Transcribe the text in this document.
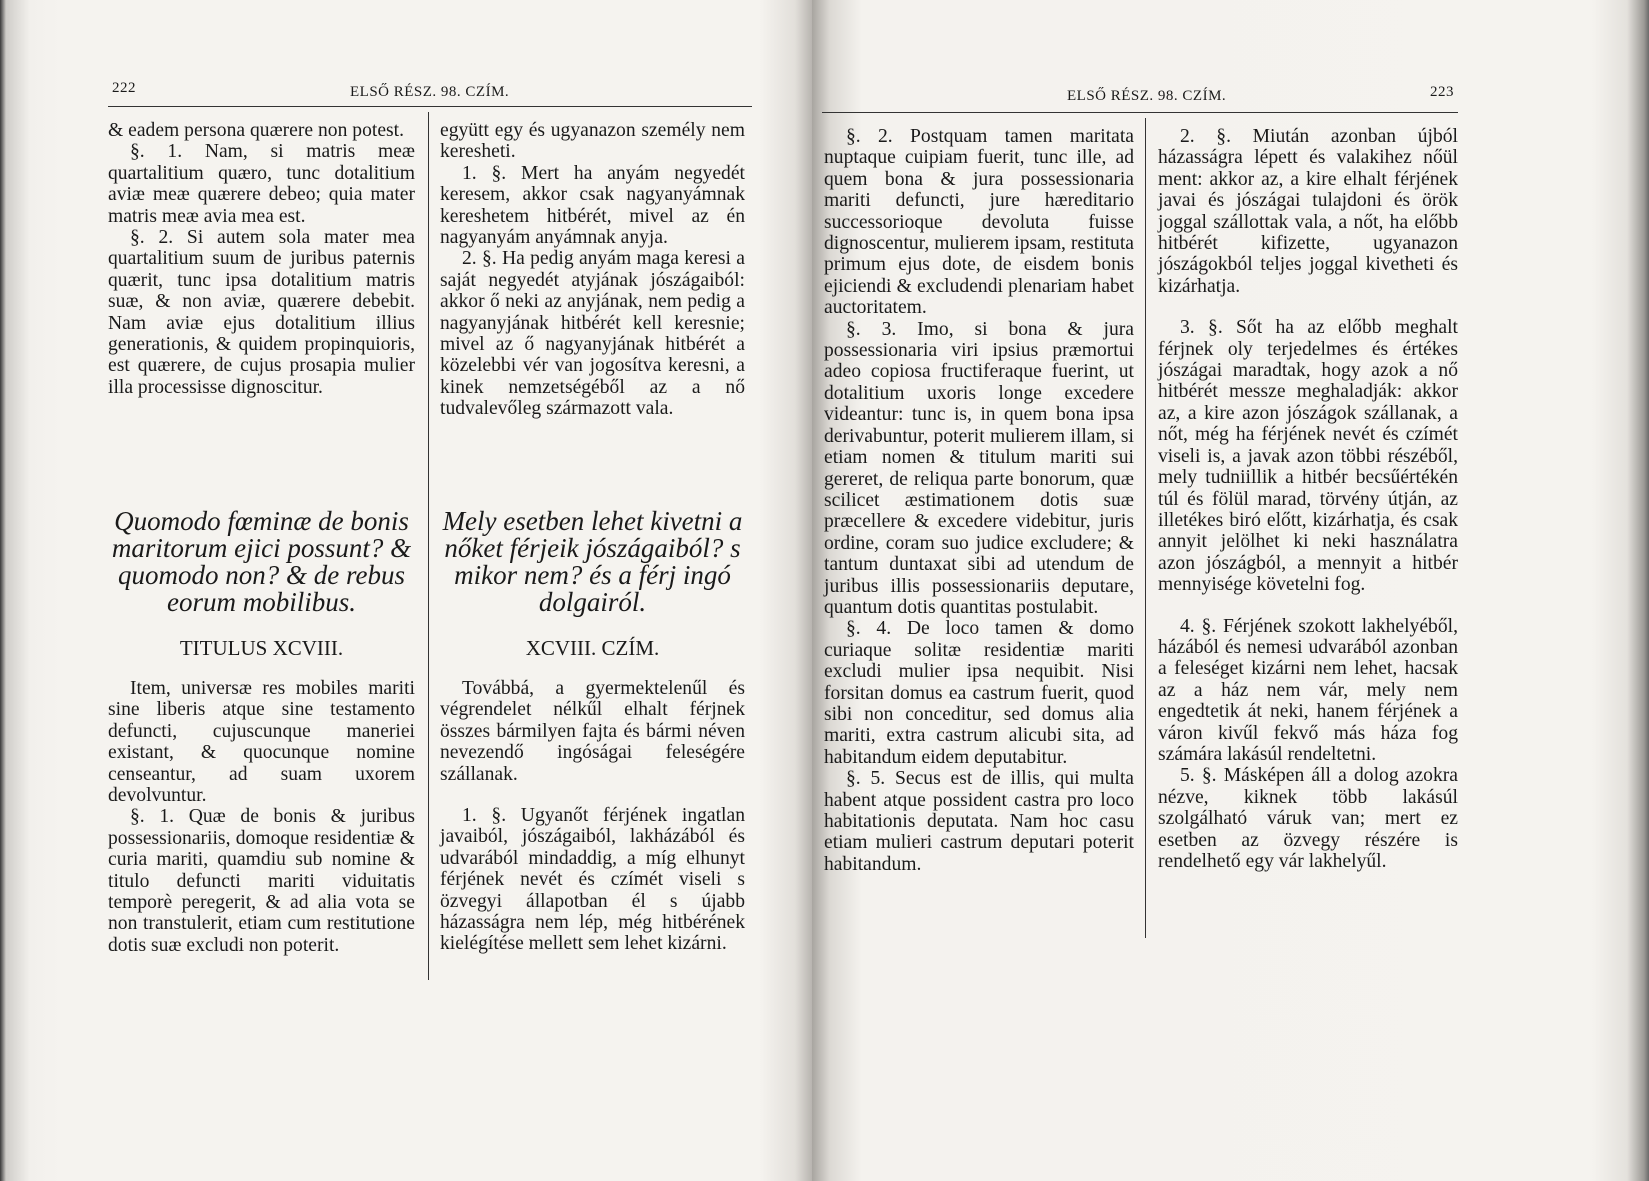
222	ELSŐ RÉSZ. 98. CZÍM.

& eadem persona quærere non potest.

§. 1. Nam, si matris meæ quartalitium quæro, tunc dotalitium aviæ meæ quærere debeo; quia mater matris meæ avia mea est.

§. 2. Si autem sola mater mea quartalitium suum de juribus paternis quærit, tunc ipsa dotalitium matris suæ, & non aviæ, quærere debebit. Nam aviæ ejus dotalitium illius generationis, & quidem propinquioris, est quærere, de cujus prosapia mulier illa processisse dignoscitur.

együtt egy és ugyanazon személy nem keresheti.

1. §. Mert ha anyám negyedét keresem, akkor csak nagyanyámnak kereshetem hitbérét, mivel az én nagyanyám anyámnak anyja.

2. §. Ha pedig anyám maga keresi a saját negyedét atyjának jószágaiból: akkor ő neki az anyjának, nem pedig a nagyanyjának hitbérét kell keresnie; mivel az ő nagyanyjának hitbérét a közelebbi vér van jogosítva keresni, a kinek nemzetségéből az a nő tudvalevőleg származott vala.

Quomodo fœminæ de bonis maritorum ejici possunt? & quomodo non? & de rebus eorum mobilibus.
Mely esetben lehet kivetni a nőket férjeik jószágaiból? s mikor nem? és a férj ingó dolgairól.
TITULUS XCVIII.	XCVIII. CZÍM.

Item, universæ res mobiles mariti sine liberis atque sine testamento defuncti, cujuscunque maneriei existant, & quocunque nomine censeantur, ad suam uxorem devolvuntur.

§. 1. Quæ de bonis & juribus possessionariis, domoque residentiæ & curia mariti, quamdiu sub nomine & titulo defuncti mariti viduitatis temporè peregerit, & ad alia vota se non transtulerit, etiam cum restitutione dotis suæ excludi non poterit.

Továbbá, a gyermektelenűl és végrendelet nélkűl elhalt férjnek összes bármilyen fajta és bármi néven nevezendő ingóságai feleségére szállanak.

1. §. Ugyanőt férjének ingatlan javaiból, jószágaiból, lakházából és udvarából mindaddig, a míg elhunyt férjének nevét és czímét viseli s özvegyi állapotban él s újabb házasságra nem lép, még hitbérének kielégítése mellett sem lehet kizárni.

ELSŐ RÉSZ. 98. CZÍM.	223

§. 2. Postquam tamen maritata nuptaque cuipiam fuerit, tunc ille, ad quem bona & jura possessionaria mariti defuncti, jure hæreditario successorioque devoluta fuisse dignoscentur, mulierem ipsam, restituta primum ejus dote, de eisdem bonis ejiciendi & excludendi plenariam habet auctoritatem.

§. 3. Imo, si bona & jura possessionaria viri ipsius præmortui adeo copiosa fructiferaque fuerint, ut dotalitium uxoris longe excedere videantur: tunc is, in quem bona ipsa derivabuntur, poterit mulierem illam, si etiam nomen & titulum mariti sui gereret, de reliqua parte bonorum, quæ scilicet æstimationem dotis suæ præcellere & excedere videbitur, juris ordine, coram suo judice excludere; & tantum duntaxat sibi ad utendum de juribus illis possessionariis deputare, quantum dotis quantitas postulabit.

§. 4. De loco tamen & domo curiaque solitæ residentiæ mariti excludi mulier ipsa nequibit. Nisi forsitan domus ea castrum fuerit, quod sibi non conceditur, sed domus alia mariti, extra castrum alicubi sita, ad habitandum eidem deputabitur.

§. 5. Secus est de illis, qui multa habent atque possident castra pro loco habitationis deputata. Nam hoc casu etiam mulieri castrum deputari poterit habitandum.

2. §. Miután azonban újból házasságra lépett és valakihez nőül ment: akkor az, a kire elhalt férjének javai és jószágai tulajdoni és örök joggal szállottak vala, a nőt, ha előbb hitbérét kifizette, ugyanazon jószágokból teljes joggal kivetheti és kizárhatja.

3. §. Sőt ha az előbb meghalt férjnek oly terjedelmes és értékes jószágai maradtak, hogy azok a nő hitbérét messze meghaladják: akkor az, a kire azon jószágok szállanak, a nőt, még ha férjének nevét és czímét viseli is, a javak azon többi részéből, mely tudniillik a hitbér becsűértékén túl és fölül marad, törvény útján, az illetékes biró előtt, kizárhatja, és csak annyit jelölhet ki neki használatra azon jószágból, a mennyit a hitbér mennyisége követelni fog.

4. §. Férjének szokott lakhelyéből, házából és nemesi udvarából azonban a feleséget kizárni nem lehet, hacsak az a ház nem vár, mely nem engedtetik át neki, hanem férjének a váron kivűl fekvő más háza fog számára lakásúl rendeltetni.

5. §. Másképen áll a dolog azokra nézve, kiknek több lakásúl szolgálható váruk van; mert ez esetben az özvegy részére is rendelhető egy vár lakhelyűl.
